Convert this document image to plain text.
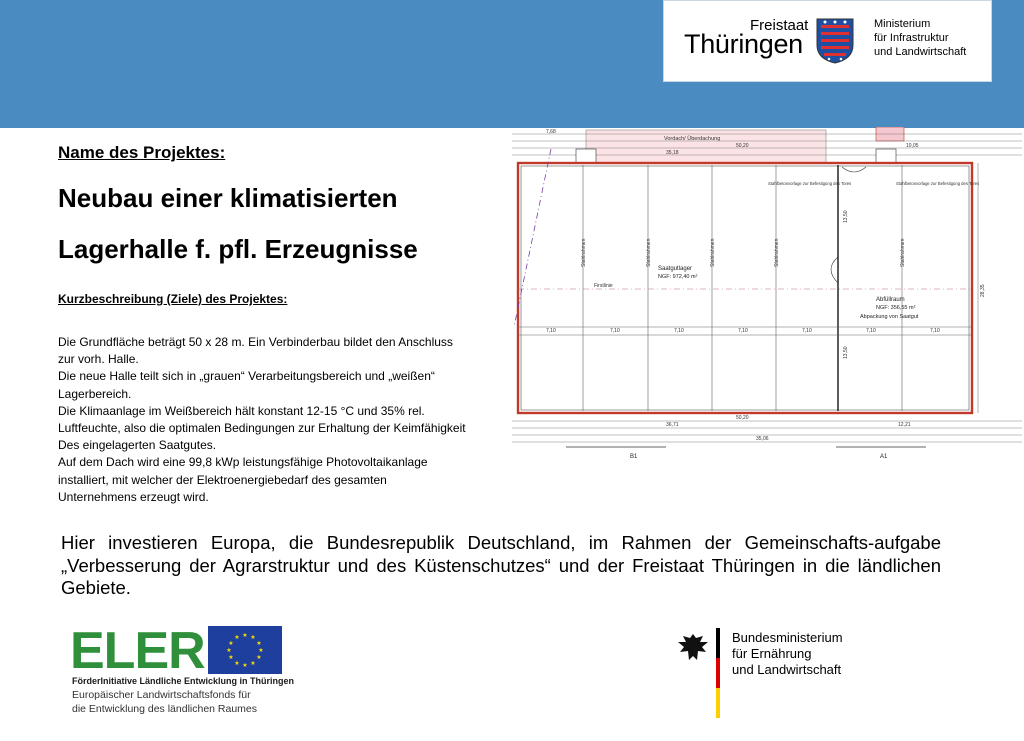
Freistaat
Thüringen
Ministerium
für Infrastruktur
und Landwirtschaft
Name des Projektes:
Neubau einer klimatisierten
Lagerhalle f. pfl. Erzeugnisse
Kurzbeschreibung (Ziele) des Projektes:
Die Grundfläche beträgt 50 x 28 m. Ein Verbinderbau bildet den Anschluss
zur vorh. Halle.
Die neue Halle teilt sich in „grauen“ Verarbeitungsbereich und „weißen“
Lagerbereich.
Die Klimaanlage im Weißbereich hält konstant 12-15 °C und 35% rel.
Luftfeuchte, also die optimalen Bedingungen zur Erhaltung der Keimfähigkeit
Des eingelagerten Saatgutes.
Auf dem Dach wird eine 99,8 kWp leistungsfähige Photovoltaikanlage
installiert, mit welcher der Elektroenergiebedarf des gesamten
Unternehmens erzeugt wird.
Vordach/ Überdachung
7,68
35,18
10,05
50,20
Stahlrahmen	Stahlrahmen	Stahlrahmen	Stahlrahmen	Stahlrahmen
Firstlinie
7,10	7,10	7,10	7,10	7,10	7,10	7,10
Saatgutlager
NGF: 972,40 m²
Abfüllraum
NGF: 356,55 m²
Abpackung von Saatgut
Stahlbetonvorlage zur Befestigung des Tores	Stahlbetonvorlage zur Befestigung des Tores
13,50
13,50
28,35
50,20
36,71	12,21
35,06
B1	A1
Hier investieren Europa, die Bundesrepublik Deutschland, im Rahmen der Gemeinschafts-aufgabe „Verbesserung der Agrarstruktur und des Küstenschutzes“ und der Freistaat Thüringen in die ländlichen Gebiete.
ELER	★ ★
★
★
★
★
★
★
★
★
★
★
FörderInitiative Ländliche Entwicklung in Thüringen
Europäischer Landwirtschaftsfonds für
die Entwicklung des ländlichen Raumes
Bundesministerium
für Ernährung
und Landwirtschaft
